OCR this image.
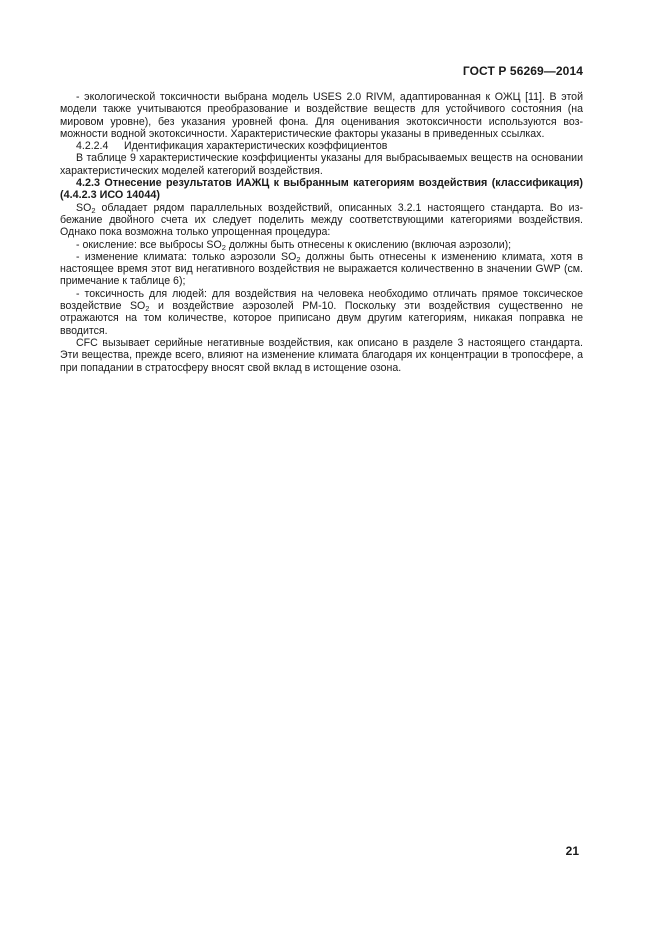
ГОСТ Р 56269—2014

- экологической токсичности выбрана модель USES 2.0 RIVM, адаптированная к ОЖЦ [11]. В этой модели также учитываются преобразование и воздействие веществ для устойчивого состояния (на мировом уровне), без указания уровней фона. Для оценивания экотоксичности используются возможности водной экотоксичности. Характеристические факторы указаны в приведенных ссылках.

4.2.2.4 Идентификация характеристических коэффициентов

В таблице 9 характеристические коэффициенты указаны для выбрасываемых веществ на основании характеристических моделей категорий воздействия.

4.2.3 Отнесение результатов ИАЖЦ к выбранным категориям воздействия (классификация) (4.4.2.3 ИСО 14044)

$SO_2$ обладает рядом параллельных воздействий, описанных 3.2.1 настоящего стандарта. Во избежание двойного счета их следует поделить между соответствующими категориями воздействия. Однако пока возможна только упрощенная процедура:

- окисление: все выбросы $SO_2$ должны быть отнесены к окислению (включая аэрозоли);

- изменение климата: только аэрозоли $SO_2$ должны быть отнесены к изменению климата, хотя в настоящее время этот вид негативного воздействия не выражается количественно в значении GWP (см. примечание к таблице 6);

- токсичность для людей: для воздействия на человека необходимо отличать прямое токсическое воздействие $SO_2$ и воздействие аэрозолей PM-10. Поскольку эти воздействия существенно не отражаются на том количестве, которое приписано двум другим категориям, никакая поправка не вводится.

CFC вызывает серийные негативные воздействия, как описано в разделе 3 настоящего стандарта. Эти вещества, прежде всего, влияют на изменение климата благодаря их концентрации в тропосфере, а при попадании в стратосферу вносят свой вклад в истощение озона.

21
